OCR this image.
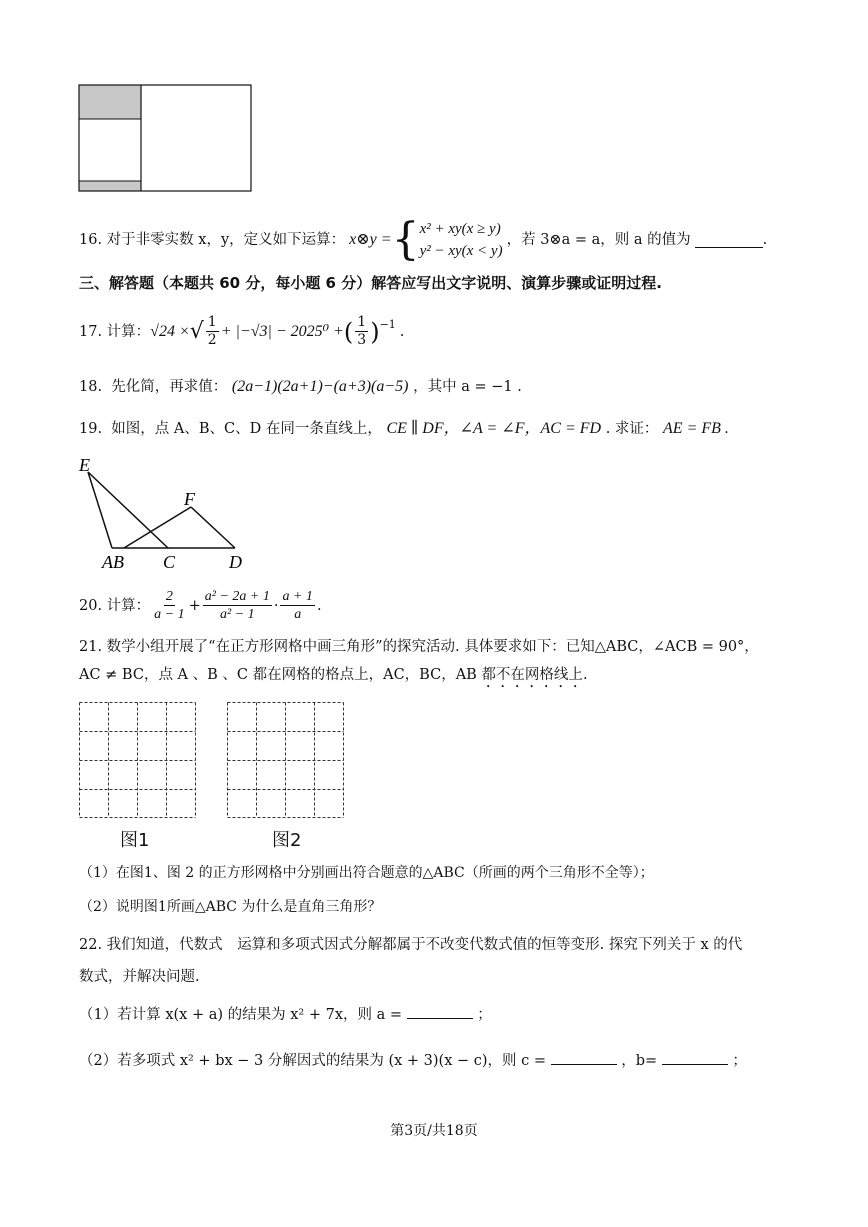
16.
对于非零实数 x，y，定义如下运算： x⊗y = { x² + xy(x ≥ y)
y² − xy(x < y)
，若 3⊗a = a，则 a 的值为	.
三、解答题（本题共 60 分，每小题 6 分）解答应写出文字说明、演算步骤或证明过程.
17.
计算： √24 × √ $\frac{1}{2} + |-√3| - 2025^0$ + ( $\frac{1}{3} )^{-1}$ .
18. 先化简，再求值： (2a−1)(2a+1)−(a+3)(a−5) ，其中 a = −1 .
19. 如图，点 A、B、C、D 在同一条直线上， CE ∥ DF，∠A = ∠F，AC = FD . 求证： AE = FB .
E
F
AB C	D
20.
计算： $\frac{2}{a - 1} + \frac{\text{a² − 2a + 1}}{\text{a² − 1}} \cdot \frac{a + 1}{a}$ .
21. 数学小组开展了“在正方形网格中画三角形”的探究活动. 具体要求如下：已知△ABC，∠ACB = 90°，
AC ≠ BC，点 A 、B 、C 都在网格的格点上，AC，BC，AB 都不在网格线上.
图1	图2
（1）在图1、图 2 的正方形网格中分别画出符合题意的△ABC（所画的两个三角形不全等）；
（2）说明图1所画△ABC 为什么是直角三角形？
22. 我们知道，代数式　运算和多项式因式分解都属于不改变代数式值的恒等变形. 探究下列关于 x 的代
数式，并解决问题.
（1）若计算 x(x + a) 的结果为 x² + 7x，则 a =	；
（2）若多项式 x² + bx − 3 分解因式的结果为 (x + 3)(x − c)，则 c =	，b=	；
第3页/共18页
